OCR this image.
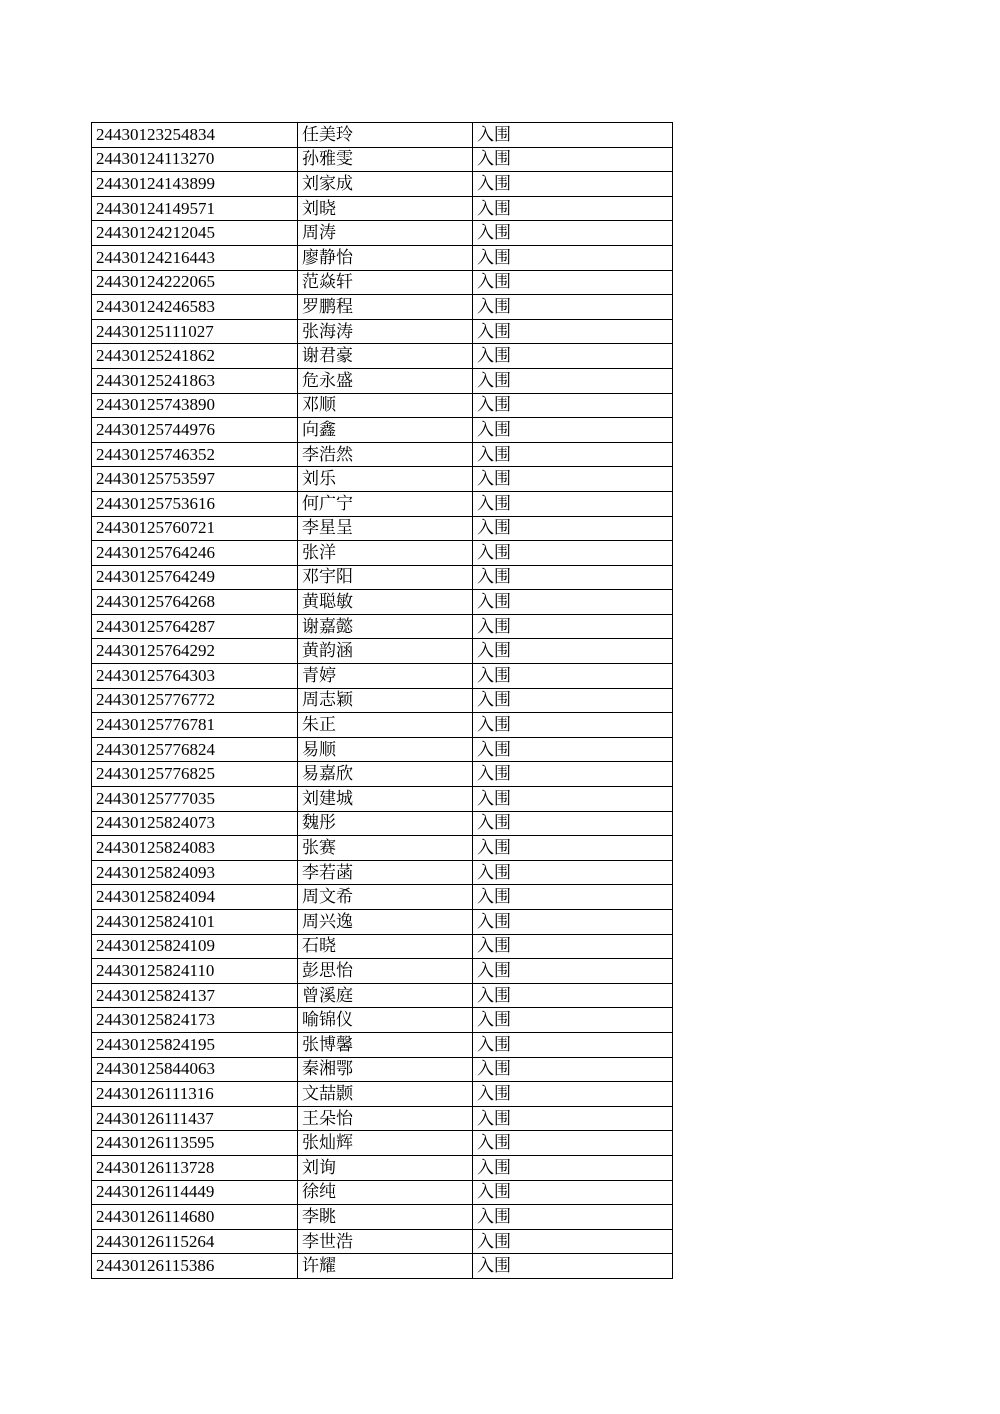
24430123254834	任美玲	入围
24430124113270	孙雅雯	入围
24430124143899	刘家成	入围
24430124149571	刘晓	入围
24430124212045	周涛	入围
24430124216443	廖静怡	入围
24430124222065	范焱轩	入围
24430124246583	罗鹏程	入围
24430125111027	张海涛	入围
24430125241862	谢君豪	入围
24430125241863	危永盛	入围
24430125743890	邓顺	入围
24430125744976	向鑫	入围
24430125746352	李浩然	入围
24430125753597	刘乐	入围
24430125753616	何广宁	入围
24430125760721	李星呈	入围
24430125764246	张洋	入围
24430125764249	邓宇阳	入围
24430125764268	黄聪敏	入围
24430125764287	谢嘉懿	入围
24430125764292	黄韵涵	入围
24430125764303	青婷	入围
24430125776772	周志颖	入围
24430125776781	朱正	入围
24430125776824	易顺	入围
24430125776825	易嘉欣	入围
24430125777035	刘建城	入围
24430125824073	魏彤	入围
24430125824083	张赛	入围
24430125824093	李若菡	入围
24430125824094	周文希	入围
24430125824101	周兴逸	入围
24430125824109	石晓	入围
24430125824110	彭思怡	入围
24430125824137	曾溪庭	入围
24430125824173	喻锦仪	入围
24430125824195	张博馨	入围
24430125844063	秦湘鄂	入围
24430126111316	文喆颢	入围
24430126111437	王朵怡	入围
24430126113595	张灿辉	入围
24430126113728	刘询	入围
24430126114449	徐纯	入围
24430126114680	李眺	入围
24430126115264	李世浩	入围
24430126115386	许耀	入围
